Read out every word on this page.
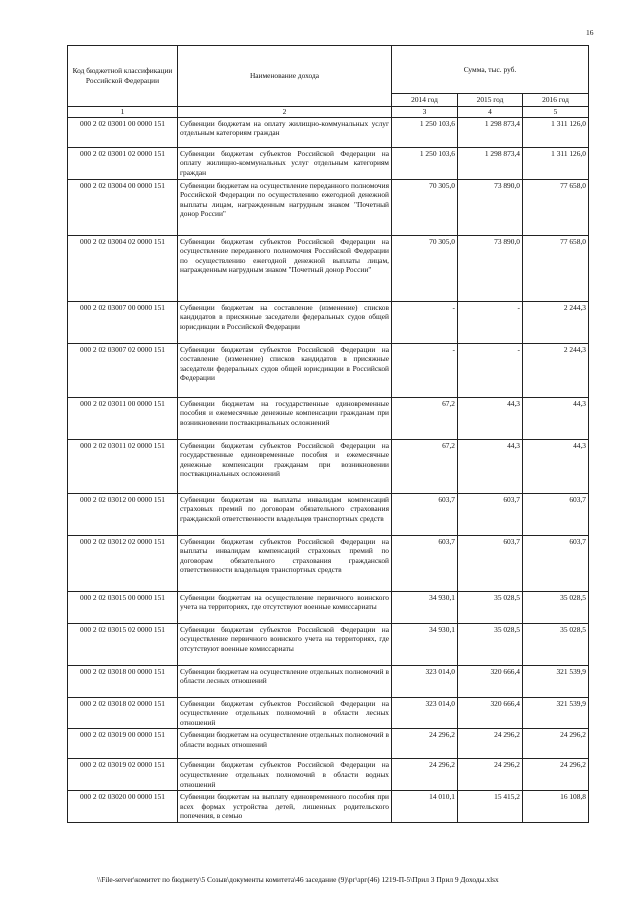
16
Код бюджетной классификации Российской Федерации	Наименование дохода	Сумма, тыс. руб.		
		2014 год	2015 год	2016 год
1	2	3	4	5
000 2 02 03001 00 0000 151	Субвенции бюджетам на оплату жилищно-коммунальных услуг отдельным категориям граждан	1 250 103,6	1 298 873,4	1 311 126,0
000 2 02 03001 02 0000 151	Субвенции бюджетам субъектов Российской Федерации на оплату жилищно-коммунальных услуг отдельным категориям граждан	1 250 103,6	1 298 873,4	1 311 126,0
000 2 02 03004 00 0000 151	Субвенции бюджетам на осуществление переданного полномочия Российской Федерации по осуществлению ежегодной денежной выплаты лицам, награжденным нагрудным знаком "Почетный донор России"	70 305,0	73 890,0	77 658,0
000 2 02 03004 02 0000 151	Субвенции бюджетам субъектов Российской Федерации на осуществление переданного полномочия Российской Федерации по осуществлению ежегодной денежной выплаты лицам, награжденным нагрудным знаком "Почетный донор России"	70 305,0	73 890,0	77 658,0
000 2 02 03007 00 0000 151	Субвенции бюджетам на составление (изменение) списков кандидатов в присяжные заседатели федеральных судов общей юрисдикции в Российской Федерации	-	-	2 244,3
000 2 02 03007 02 0000 151	Субвенции бюджетам субъектов Российской Федерации на составление (изменение) списков кандидатов в присяжные заседатели федеральных судов общей юрисдикции в Российской Федерации	-	-	2 244,3
000 2 02 03011 00 0000 151	Субвенции бюджетам на государственные единовременные пособия и ежемесячные денежные компенсации гражданам при возникновении поствакцинальных осложнений	67,2	44,3	44,3
000 2 02 03011 02 0000 151	Субвенции бюджетам субъектов Российской Федерации на государственные единовременные пособия и ежемесячные денежные компенсации гражданам при возникновении поствакцинальных осложнений	67,2	44,3	44,3
000 2 02 03012 00 0000 151	Субвенции бюджетам на выплаты инвалидам компенсаций страховых премий по договорам обязательного страхования гражданской ответственности владельцев транспортных средств	603,7	603,7	603,7
000 2 02 03012 02 0000 151	Субвенции бюджетам субъектов Российской Федерации на выплаты инвалидам компенсаций страховых премий по договорам обязательного страхования гражданской ответственности владельцев транспортных средств	603,7	603,7	603,7
000 2 02 03015 00 0000 151	Субвенции бюджетам на осуществление первичного воинского учета на территориях, где отсутствуют военные комиссариаты	34 930,1	35 028,5	35 028,5
000 2 02 03015 02 0000 151	Субвенции бюджетам субъектов Российской Федерации на осуществление первичного воинского учета на территориях, где отсутствуют военные комиссариаты	34 930,1	35 028,5	35 028,5
000 2 02 03018 00 0000 151	Субвенции бюджетам на осуществление отдельных полномочий в области лесных отношений	323 014,0	320 666,4	321 539,9
000 2 02 03018 02 0000 151	Субвенции бюджетам субъектов Российской Федерации на осуществление отдельных полномочий в области лесных отношений	323 014,0	320 666,4	321 539,9
000 2 02 03019 00 0000 151	Субвенции бюджетам на осуществление отдельных полномочий в области водных отношений	24 296,2	24 296,2	24 296,2
000 2 02 03019 02 0000 151	Субвенции бюджетам субъектов Российской Федерации на осуществление отдельных полномочий в области водных отношений	24 296,2	24 296,2	24 296,2
000 2 02 03020 00 0000 151	Субвенции бюджетам на выплату единовременного пособия при всех формах устройства детей, лишенных родительского попечения, в семью	14 010,1	15 415,2	16 108,8
\\File-server\комитет по бюджету\5 Созыв\документы комитета\46 заседание (9)\рг\зрг(46) 1219-П-5\Прил 3 Прил 9 Доходы.xlsx
